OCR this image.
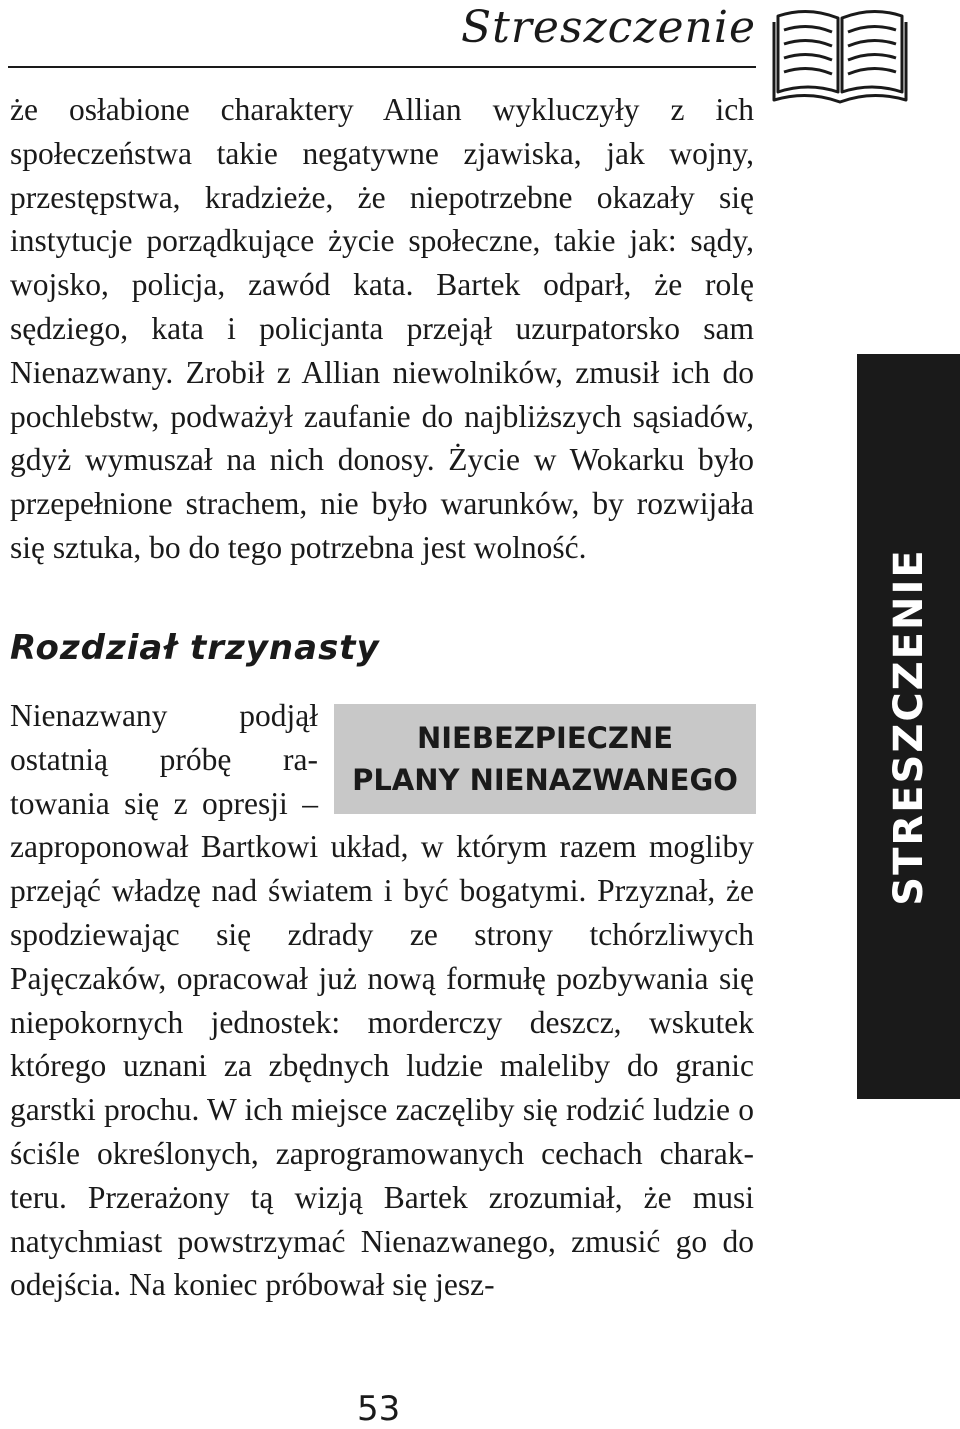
Streszczenie

że osłabione charaktery Allian wykluczyły z ich społeczeństwa takie negatywne zjawiska, jak wojny, przestępstwa, kradzieże, że niepotrzebne okazały się instytucje porządkujące życie społeczne, takie jak: sądy, wojsko, policja, zawód kata. Bartek odparł, że rolę sędziego, kata i policjanta przejął uzurpatorsko sam Nienazwany. Zrobił z Allian niewolników, zmusił ich do pochlebstw, podważył zaufanie do najbliższych sąsiadów, gdyż wymuszał na nich donosy. Życie w Wokarku było przepełnione strachem, nie było warunków, by rozwijała się sztuka, bo do tego potrzebna jest wolność.

Rozdział trzynasty
NIEBEZPIECZNE
PLANY NIENAZWANEGO
Nienazwany podjął ostatnią próbę ratowania się z opresji – zaproponował Bartkowi układ, w którym razem mogliby przejąć władzę nad światem i być bogatymi. Przyznał, że spodziewając się zdrady ze strony tchórzliwych Pajęczaków, opracował już nową formułę pozbywania się niepokornych jednostek: morderczy deszcz, wskutek którego uznani za zbędnych ludzie maleliby do granic garstki prochu. W ich miejsce zaczęliby się rodzić ludzie o ściśle określonych, zaprogramowanych cechach charakteru. Przerażony tą wizją Bartek zrozumiał, że musi natychmiast powstrzymać Nienazwanego, zmusić go do odejścia. Na koniec próbował się jesz-
STRESZCZENIE
53
